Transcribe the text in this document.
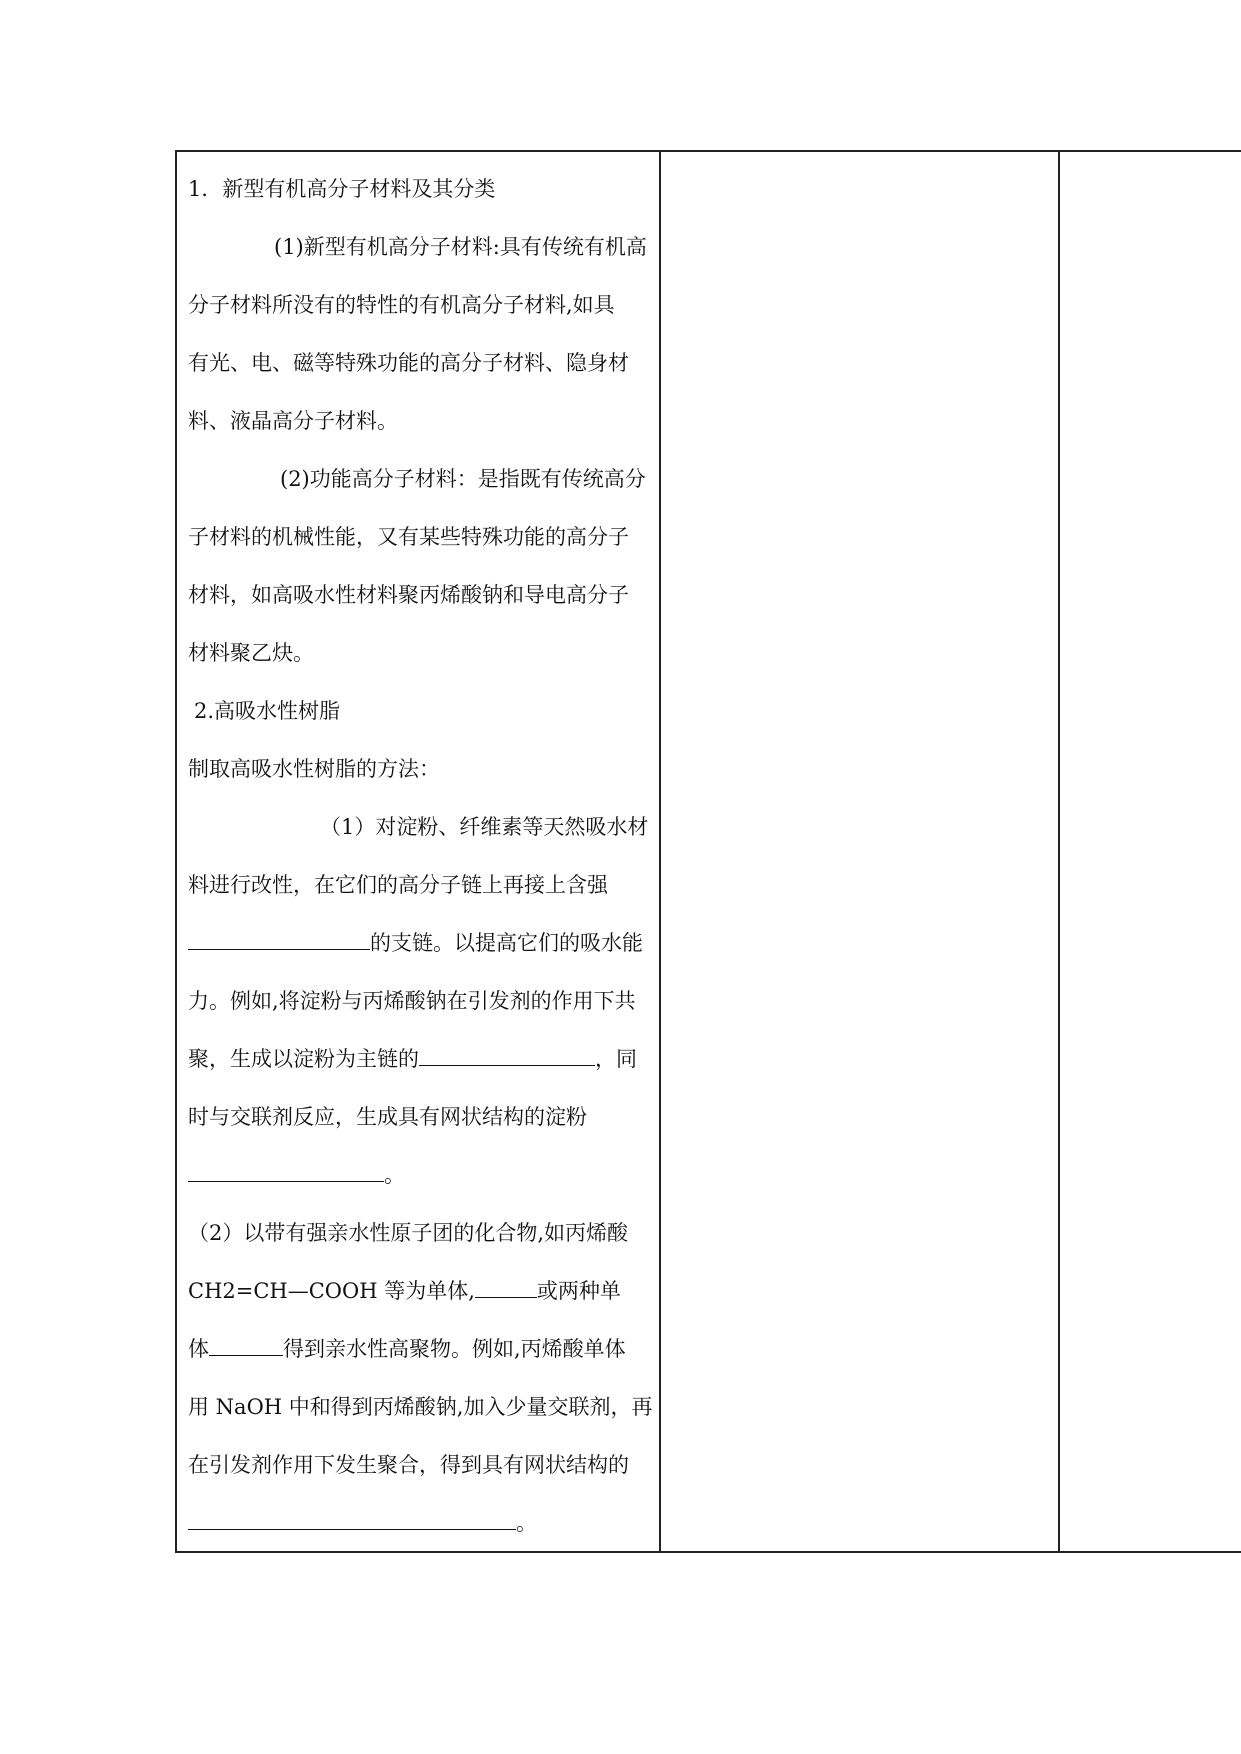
1．新型有机高分子材料及其分类
(1)新型有机高分子材料:具有传统有机高
分子材料所没有的特性的有机高分子材料,如具
有光、电、磁等特殊功能的高分子材料、隐身材
料、液晶高分子材料。
(2)功能高分子材料：是指既有传统高分
子材料的机械性能，又有某些特殊功能的高分子
材料，如高吸水性材料聚丙烯酸钠和导电高分子
材料聚乙炔。
2.高吸水性树脂
制取高吸水性树脂的方法：
（1）对淀粉、纤维素等天然吸水材
料进行改性，在它们的高分子链上再接上含强
的支链。以提高它们的吸水能
力。例如,将淀粉与丙烯酸钠在引发剂的作用下共
聚，生成以淀粉为主链的	，同
时与交联剂反应，生成具有网状结构的淀粉
。
（2）以带有强亲水性原子团的化合物,如丙烯酸
CH2=CH—COOH 等为单体,	或两种单
体	得到亲水性高聚物。例如,丙烯酸单体
用 NaOH 中和得到丙烯酸钠,加入少量交联剂，再
在引发剂作用下发生聚合，得到具有网状结构的
。
